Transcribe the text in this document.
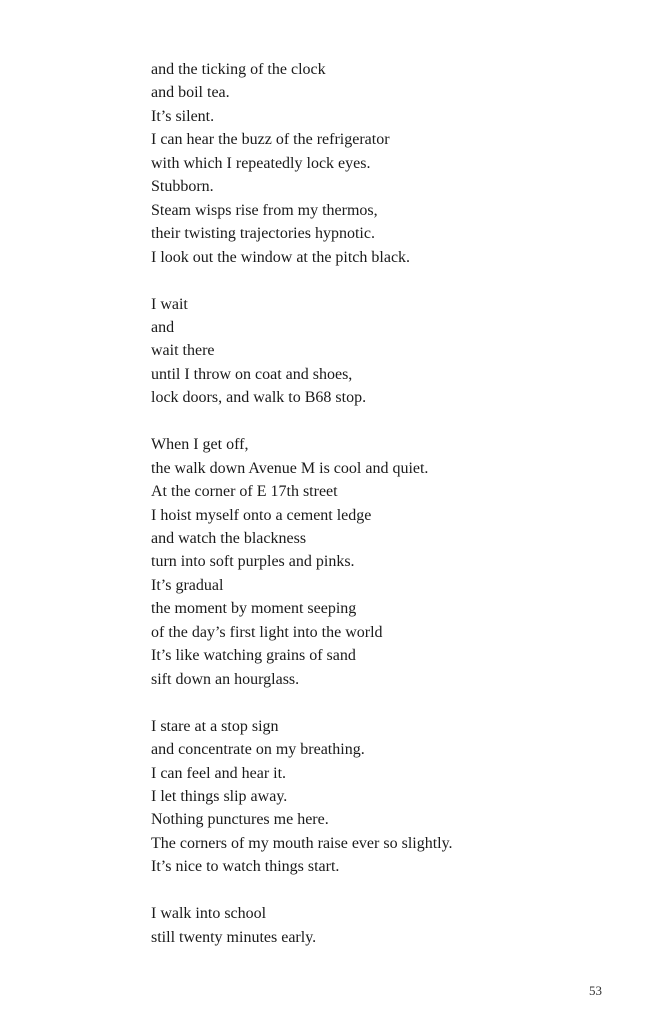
and the ticking of the clock
and boil tea.
It’s silent.
I can hear the buzz of the refrigerator
with which I repeatedly lock eyes.
Stubborn.
Steam wisps rise from my thermos,
their twisting trajectories hypnotic.
I look out the window at the pitch black.
I wait
and
wait there
until I throw on coat and shoes,
lock doors, and walk to B68 stop.
When I get off,
the walk down Avenue M is cool and quiet.
At the corner of E 17th street
I hoist myself onto a cement ledge
and watch the blackness
turn into soft purples and pinks.
It’s gradual
the moment by moment seeping
of the day’s first light into the world
It’s like watching grains of sand
sift down an hourglass.
I stare at a stop sign
and concentrate on my breathing.
I can feel and hear it.
I let things slip away.
Nothing punctures me here.
The corners of my mouth raise ever so slightly.
It’s nice to watch things start.
I walk into school
still twenty minutes early.
53
